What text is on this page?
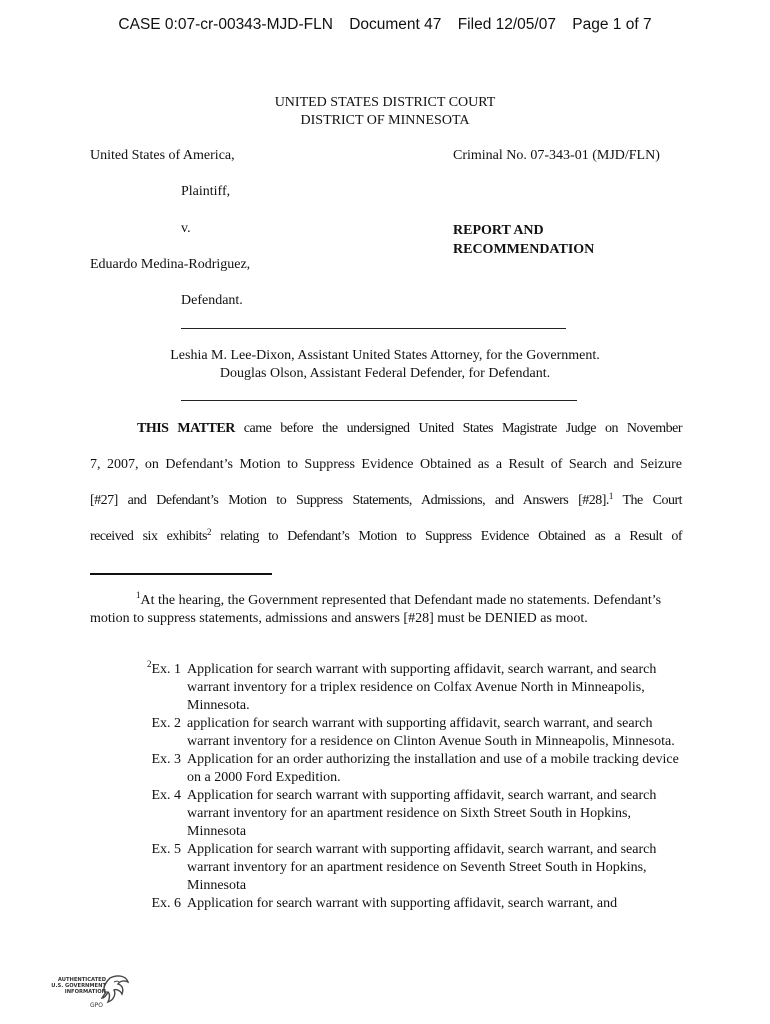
CASE 0:07-cr-00343-MJD-FLN Document 47 Filed 12/05/07 Page 1 of 7
UNITED STATES DISTRICT COURT
DISTRICT OF MINNESOTA
United States of America,	Criminal No. 07-343-01 (MJD/FLN)
Plaintiff,
v.	REPORT AND
RECOMMENDATION
Eduardo Medina-Rodriguez,
Defendant.
Leshia M. Lee-Dixon, Assistant United States Attorney, for the Government.
Douglas Olson, Assistant Federal Defender, for Defendant.
THIS MATTER came before the undersigned United States Magistrate Judge on November
7, 2007, on Defendant’s Motion to Suppress Evidence Obtained as a Result of Search and Seizure
[#27] and Defendant’s Motion to Suppress Statements, Admissions, and Answers [#28].$^1$ The Court
received six exhibits$^2$ relating to Defendant’s Motion to Suppress Evidence Obtained as a Result of
$^1$At the hearing, the Government represented that Defendant made no statements. Defendant’s motion to suppress statements, admissions and answers [#28] must be DENIED as moot.
$^2$Ex. 1 Application for search warrant with supporting affidavit, search warrant, and search warrant inventory for a triplex residence on Colfax Avenue North in Minneapolis, Minnesota.
Ex. 2 application for search warrant with supporting affidavit, search warrant, and search warrant inventory for a residence on Clinton Avenue South in Minneapolis, Minnesota.
Ex. 3 Application for an order authorizing the installation and use of a mobile tracking device on a 2000 Ford Expedition.
Ex. 4 Application for search warrant with supporting affidavit, search warrant, and search warrant inventory for an apartment residence on Sixth Street South in Hopkins, Minnesota
Ex. 5 Application for search warrant with supporting affidavit, search warrant, and search warrant inventory for an apartment residence on Seventh Street South in Hopkins, Minnesota
Ex. 6 Application for search warrant with supporting affidavit, search warrant, and
AUTHENTICATED
U.S. GOVERNMENT
INFORMATION
GPO
